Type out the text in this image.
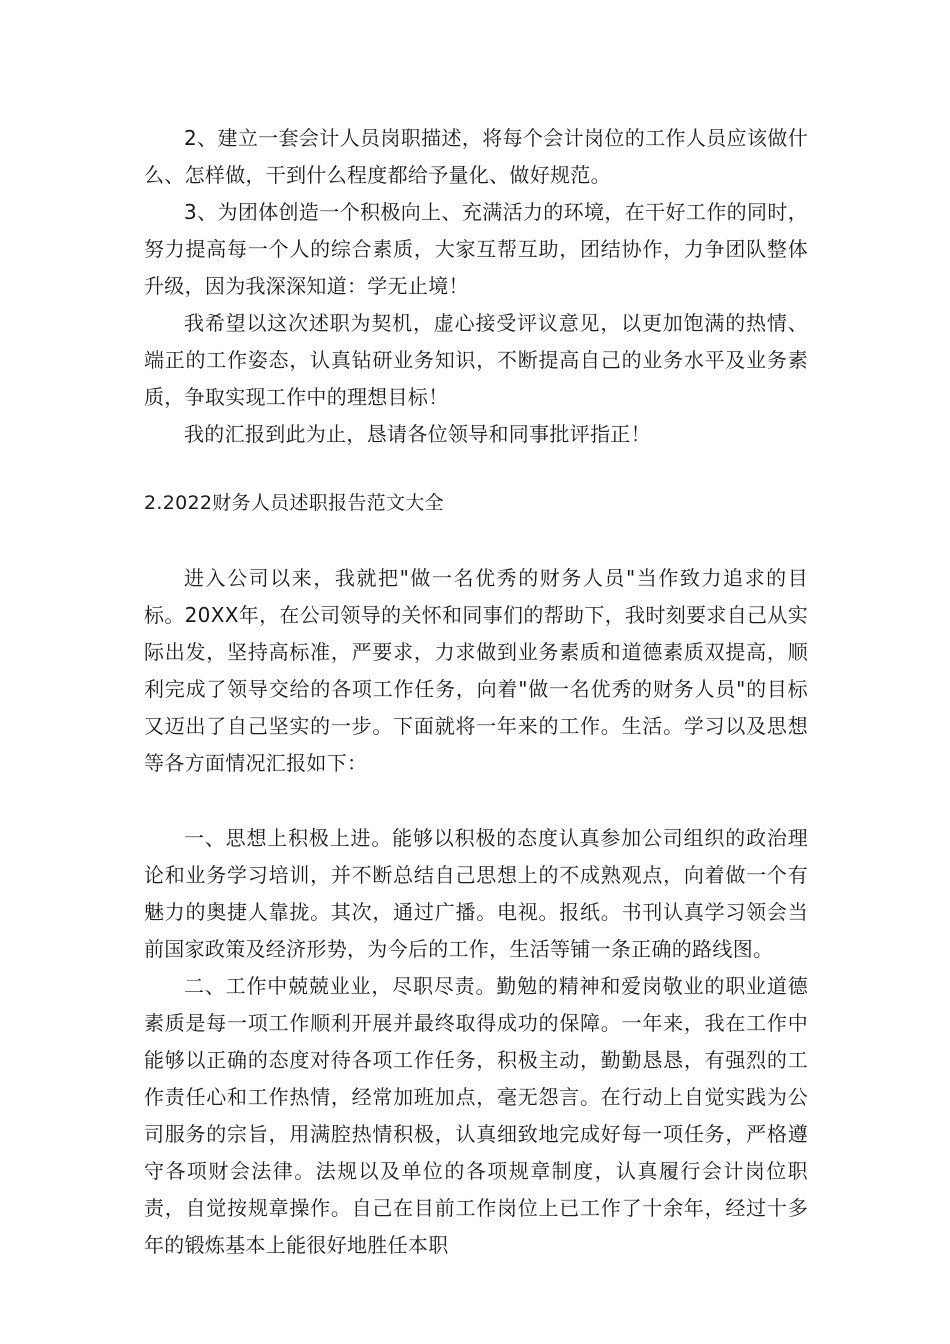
2、建立一套会计人员岗职描述，将每个会计岗位的工作人员应该做什么、怎样做，干到什么程度都给予量化、做好规范。

3、为团体创造一个积极向上、充满活力的环境，在干好工作的同时，努力提高每一个人的综合素质，大家互帮互助，团结协作，力争团队整体升级，因为我深深知道：学无止境！

我希望以这次述职为契机，虚心接受评议意见，以更加饱满的热情、端正的工作姿态，认真钻研业务知识，不断提高自己的业务水平及业务素质，争取实现工作中的理想目标！

我的汇报到此为止，恳请各位领导和同事批评指正！

2.2022财务人员述职报告范文大全

进入公司以来，我就把"做一名优秀的财务人员"当作致力追求的目标。20XX年，在公司领导的关怀和同事们的帮助下，我时刻要求自己从实际出发，坚持高标准，严要求，力求做到业务素质和道德素质双提高，顺利完成了领导交给的各项工作任务，向着"做一名优秀的财务人员"的目标又迈出了自己坚实的一步。下面就将一年来的工作。生活。学习以及思想等各方面情况汇报如下：

一、思想上积极上进。能够以积极的态度认真参加公司组织的政治理论和业务学习培训，并不断总结自己思想上的不成熟观点，向着做一个有魅力的奥捷人靠拢。其次，通过广播。电视。报纸。书刊认真学习领会当前国家政策及经济形势，为今后的工作，生活等铺一条正确的路线图。

二、工作中兢兢业业，尽职尽责。勤勉的精神和爱岗敬业的职业道德素质是每一项工作顺利开展并最终取得成功的保障。一年来，我在工作中能够以正确的态度对待各项工作任务，积极主动，勤勤恳恳，有强烈的工作责任心和工作热情，经常加班加点，毫无怨言。在行动上自觉实践为公司服务的宗旨，用满腔热情积极，认真细致地完成好每一项任务，严格遵守各项财会法律。法规以及单位的各项规章制度，认真履行会计岗位职责，自觉按规章操作。自己在目前工作岗位上已工作了十余年，经过十多年的锻炼基本上能很好地胜任本职
